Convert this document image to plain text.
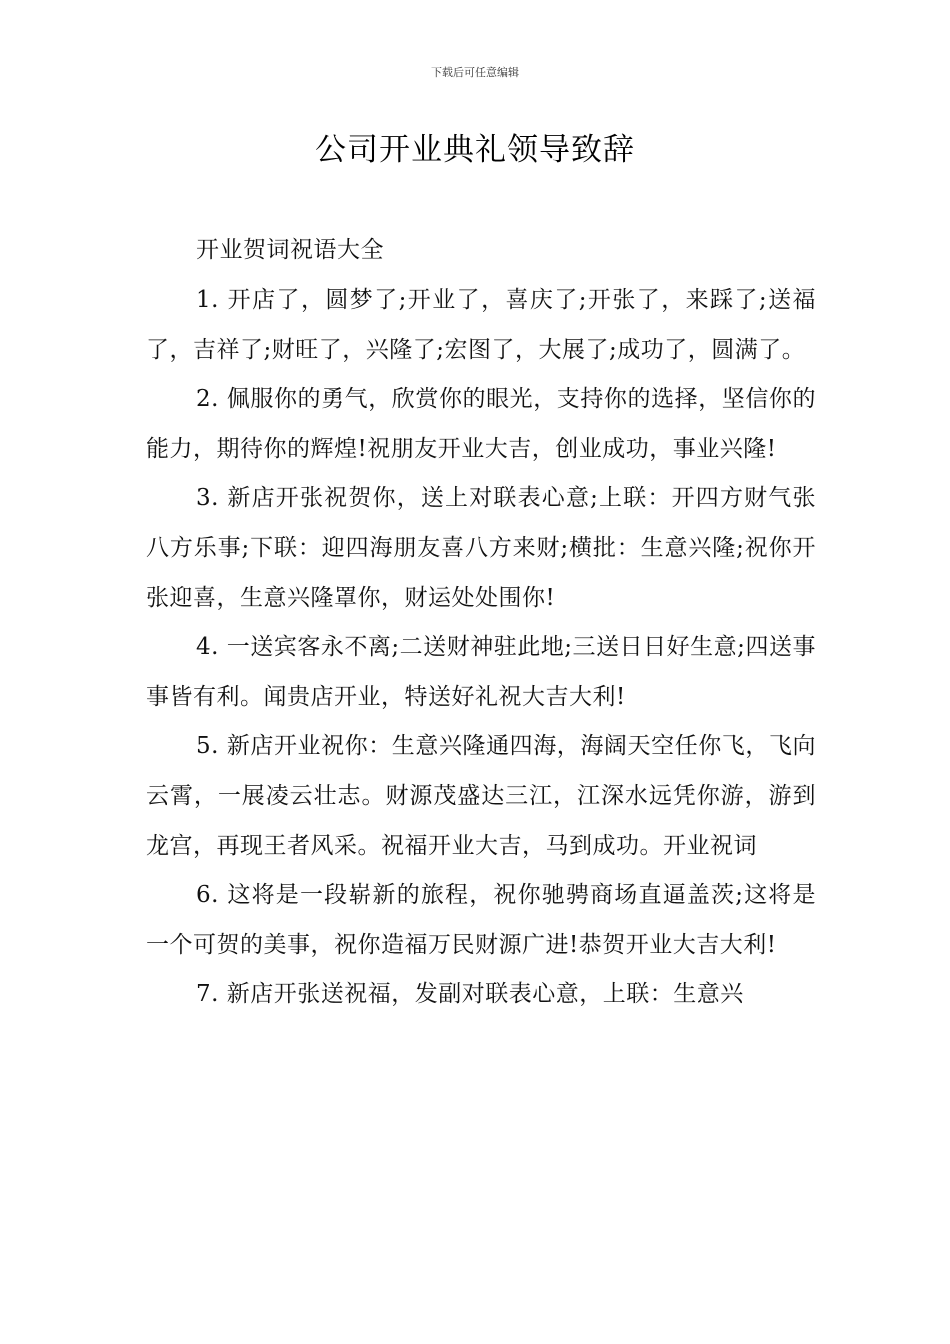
下载后可任意编辑
公司开业典礼领导致辞

开业贺词祝语大全

1. 开店了，圆梦了;开业了，喜庆了;开张了，来踩了;送福了，吉祥了;财旺了，兴隆了;宏图了，大展了;成功了，圆满了。

2. 佩服你的勇气，欣赏你的眼光，支持你的选择，坚信你的能力，期待你的辉煌!祝朋友开业大吉，创业成功，事业兴隆!

3. 新店开张祝贺你，送上对联表心意;上联：开四方财气张八方乐事;下联：迎四海朋友喜八方来财;横批：生意兴隆;祝你开张迎喜，生意兴隆罩你，财运处处围你!

4. 一送宾客永不离;二送财神驻此地;三送日日好生意;四送事事皆有利。闻贵店开业，特送好礼祝大吉大利!

5. 新店开业祝你：生意兴隆通四海，海阔天空任你飞，飞向云霄，一展凌云壮志。财源茂盛达三江，江深水远凭你游，游到龙宫，再现王者风采。祝福开业大吉，马到成功。开业祝词

6. 这将是一段崭新的旅程，祝你驰骋商场直逼盖茨;这将是一个可贺的美事，祝你造福万民财源广进!恭贺开业大吉大利!

7. 新店开张送祝福，发副对联表心意，上联：生意兴
